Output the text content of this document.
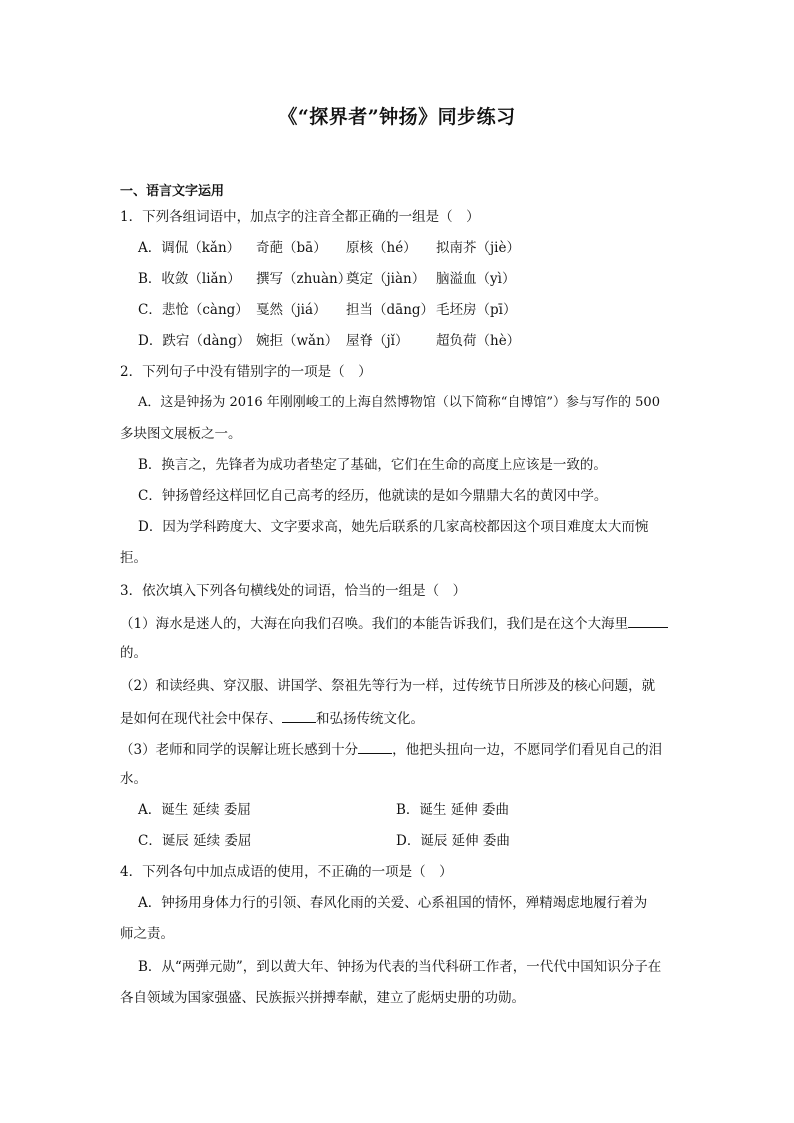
《“探界者”钟扬》同步练习
一、语言文字运用
1．下列各组词语中，加点字的注音全都正确的一组是（　）
A．调侃（kǎn） 奇葩（bā） 原核（hé） 拟南芥（jiè）
B．收敛（liǎn） 撰写（zhuàn）奠定（jiàn） 脑溢血（yì）
C．悲怆（càng） 戛然（jiá） 担当（dāng） 毛坯房（pī）
D．跌宕（dàng） 婉拒（wǎn） 屋脊（jǐ） 超负荷（hè）
2．下列句子中没有错别字的一项是（　）
A．这是钟扬为 2016 年刚刚峻工的上海自然博物馆（以下简称“自博馆”）参与写作的 500
多块图文展板之一。
B．换言之，先锋者为成功者垫定了基础，它们在生命的高度上应该是一致的。
C．钟扬曾经这样回忆自己高考的经历，他就读的是如今鼎鼎大名的黄冈中学。
D．因为学科跨度大、文字要求高，她先后联系的几家高校都因这个项目难度太大而惋
拒。
3．依次填入下列各句横线处的词语，恰当的一组是（　）
（1）海水是迷人的，大海在向我们召唤。我们的本能告诉我们，我们是在这个大海里
的。
（2）和读经典、穿汉服、讲国学、祭祖先等行为一样，过传统节日所涉及的核心问题，就
是如何在现代社会中保存、	和弘扬传统文化。
（3）老师和同学的误解让班长感到十分	，他把头扭向一边，不愿同学们看见自己的泪
水。
A．诞生 延续 委屈	B．诞生 延伸 委曲
C．诞辰 延续 委屈	D．诞辰 延伸 委曲
4．下列各句中加点成语的使用，不正确的一项是（　）
A．钟扬用身体力行的引领、春风化雨的关爱、心系祖国的情怀，殚精竭虑地履行着为
师之责。
B．从“两弹元勋”，到以黄大年、钟扬为代表的当代科研工作者，一代代中国知识分子在
各自领域为国家强盛、民族振兴拼搏奉献，建立了彪炳史册的功勋。
